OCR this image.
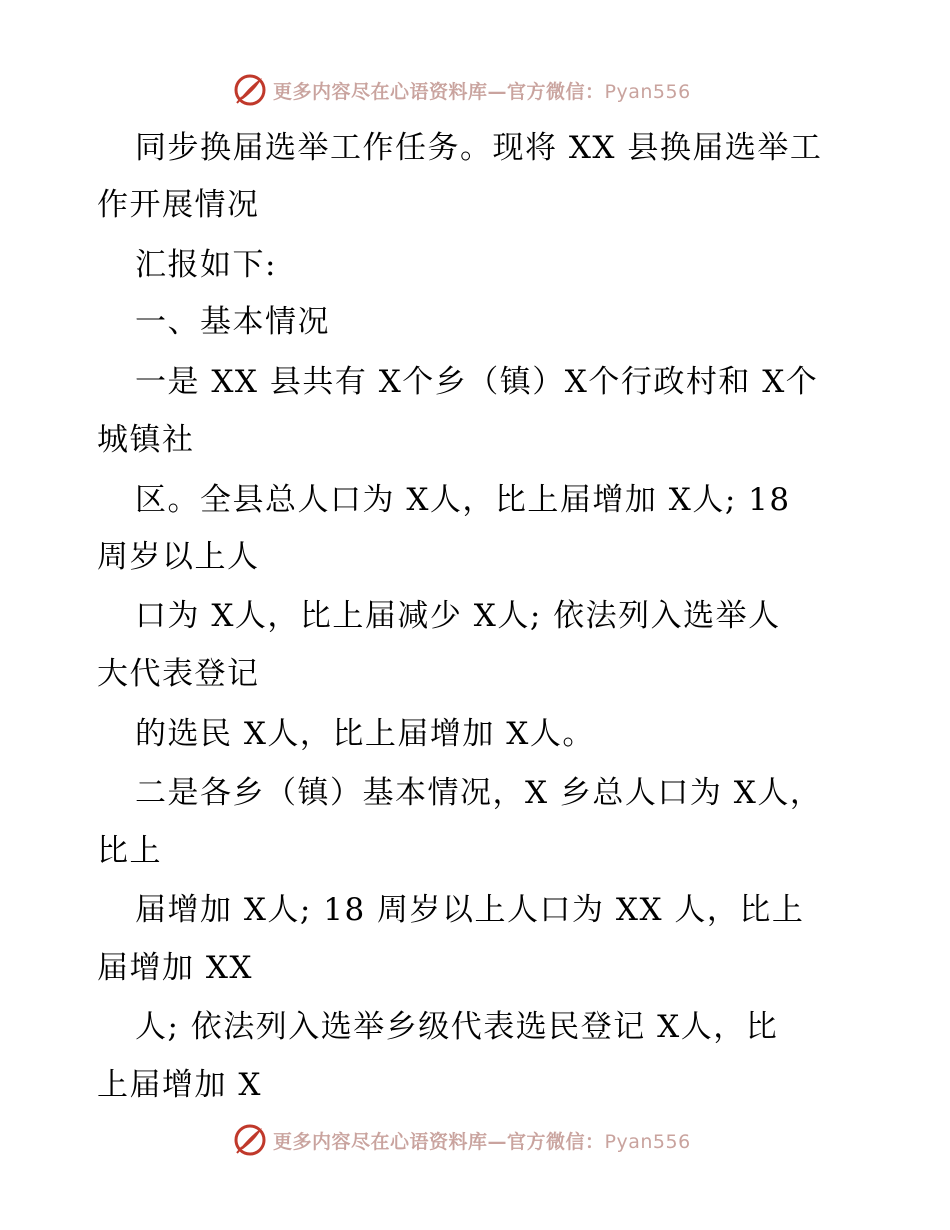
更多内容尽在心语资料库—官方微信：Pyan556
同步换届选举工作任务。现将 XX 县换届选举工
作开展情况
汇报如下:
一、基本情况
一是 XX 县共有 X个乡（镇）X个行政村和 X个
城镇社
区。全县总人口为 X人，比上届增加 X人; 18
周岁以上人
口为 X人，比上届减少 X人; 依法列入选举人
大代表登记
的选民 X人，比上届增加 X人。
二是各乡（镇）基本情况，X 乡总人口为 X人，
比上
届增加 X人; 18 周岁以上人口为 XX 人，比上
届增加 XX
人; 依法列入选举乡级代表选民登记 X人，比
上届增加 X
更多内容尽在心语资料库—官方微信：Pyan556
